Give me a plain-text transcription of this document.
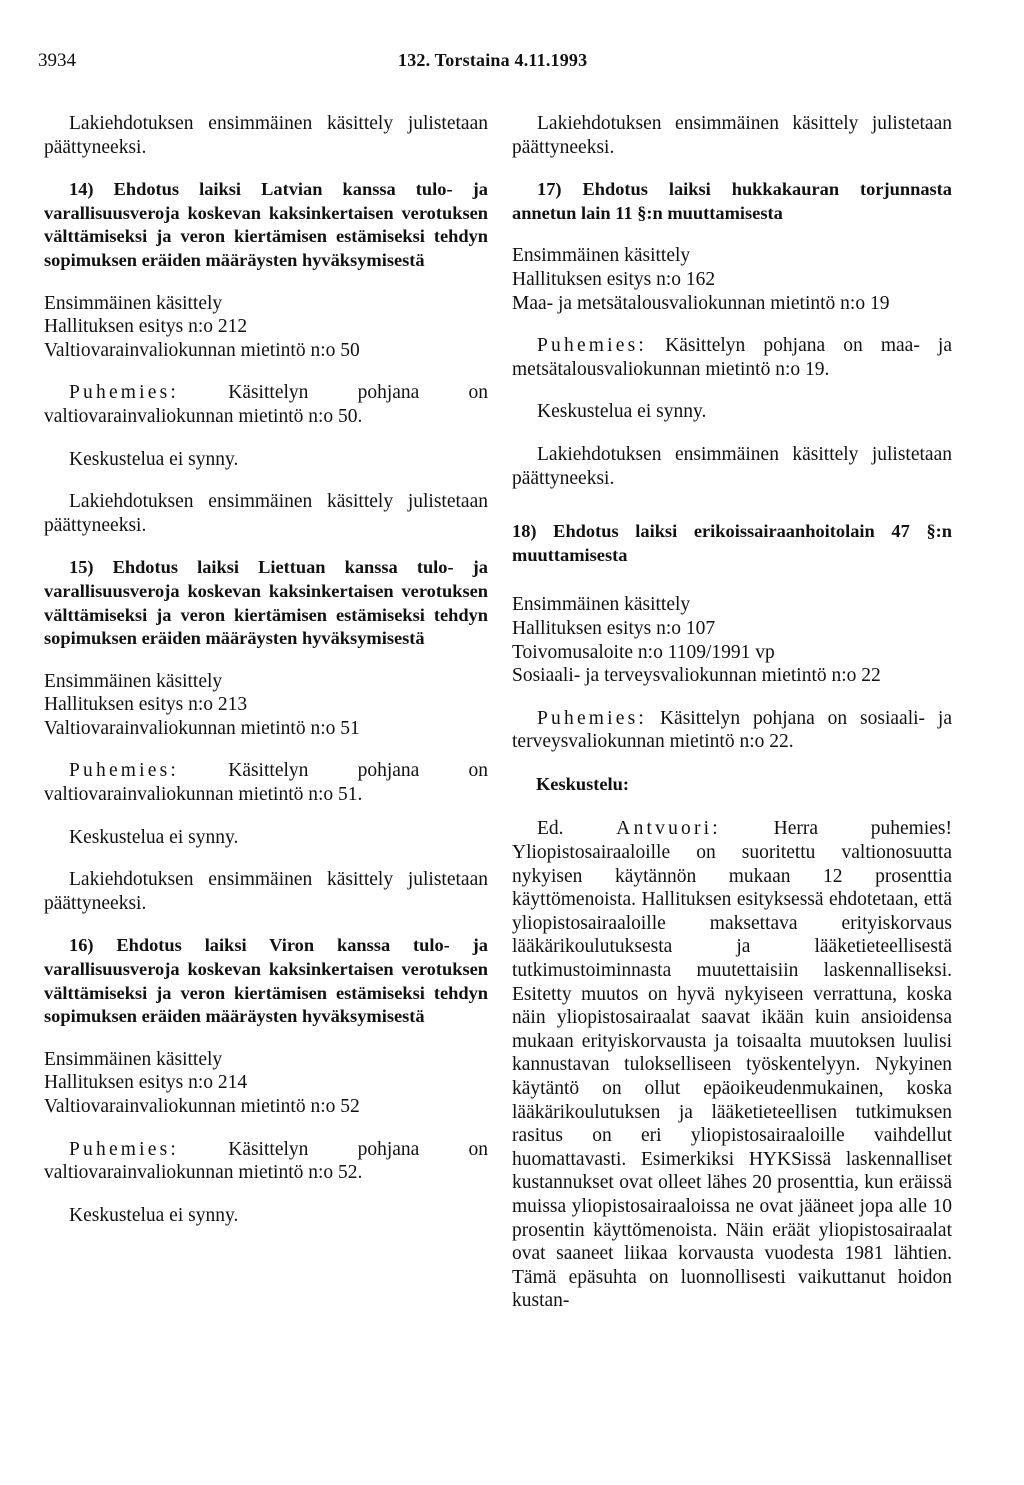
3934	132. Torstaina 4.11.1993

Lakiehdotuksen ensimmäinen käsittely julistetaan päättyneeksi.

14) Ehdotus laiksi Latvian kanssa tulo- ja varallisuusveroja koskevan kaksinkertaisen verotuksen välttämiseksi ja veron kiertämisen estämiseksi tehdyn sopimuksen eräiden määräysten hyväksymisestä

Ensimmäinen käsittely
Hallituksen esitys n:o 212
Valtiovarainvaliokunnan mietintö n:o 50

Puhemies:	Käsittelyn pohjana on valtiovarainvaliokunnan mietintö n:o 50.

Keskustelua ei synny.

Lakiehdotuksen ensimmäinen käsittely julistetaan päättyneeksi.

15) Ehdotus laiksi Liettuan kanssa tulo- ja varallisuusveroja koskevan kaksinkertaisen verotuksen välttämiseksi ja veron kiertämisen estämiseksi tehdyn sopimuksen eräiden määräysten hyväksymisestä

Ensimmäinen käsittely
Hallituksen esitys n:o 213
Valtiovarainvaliokunnan mietintö n:o 51

Puhemies:	Käsittelyn pohjana on valtiovarainvaliokunnan mietintö n:o 51.

Keskustelua ei synny.

Lakiehdotuksen ensimmäinen käsittely julistetaan päättyneeksi.

16) Ehdotus laiksi Viron kanssa tulo- ja varallisuusveroja koskevan kaksinkertaisen verotuksen välttämiseksi ja veron kiertämisen estämiseksi tehdyn sopimuksen eräiden määräysten hyväksymisestä

Ensimmäinen käsittely
Hallituksen esitys n:o 214
Valtiovarainvaliokunnan mietintö n:o 52

Puhemies:	Käsittelyn pohjana on valtiovarainvaliokunnan mietintö n:o 52.

Keskustelua ei synny.

Lakiehdotuksen ensimmäinen käsittely julistetaan päättyneeksi.

17) Ehdotus laiksi hukkakauran torjunnasta annetun lain 11 §:n muuttamisesta

Ensimmäinen käsittely
Hallituksen esitys n:o 162
Maa- ja metsätalousvaliokunnan mietintö n:o 19

Puhemies: Käsittelyn pohjana on maa- ja metsätalousvaliokunnan mietintö n:o 19.

Keskustelua ei synny.

Lakiehdotuksen ensimmäinen käsittely julistetaan päättyneeksi.

18) Ehdotus laiksi erikoissairaanhoitolain 47 §:n muuttamisesta

Ensimmäinen käsittely
Hallituksen esitys n:o 107
Toivomusaloite n:o 1109/1991 vp
Sosiaali- ja terveysvaliokunnan mietintö n:o 22

Puhemies: Käsittelyn pohjana on sosiaali- ja terveysvaliokunnan mietintö n:o 22.

Keskustelu:

Ed.	Antvuori:	Herra puhemies! Yliopistosairaaloille on suoritettu valtionosuutta nykyisen käytännön mukaan 12 prosenttia käyttömenoista. Hallituksen esityksessä ehdotetaan, että yliopistosairaaloille maksettava erityiskorvaus lääkärikoulutuksesta ja lääketieteellisestä tutkimustoiminnasta muutettaisiin laskennalliseksi. Esitetty muutos on hyvä nykyiseen verrattuna, koska näin yliopistosairaalat saavat ikään kuin ansioidensa mukaan erityiskorvausta ja toisaalta muutoksen luulisi kannustavan tulokselliseen työskentelyyn. Nykyinen käytäntö on ollut epäoikeudenmukainen, koska lääkärikoulutuksen ja lääketieteellisen tutkimuksen rasitus on eri yliopistosairaaloille vaihdellut huomattavasti. Esimerkiksi HYKSissä laskennalliset kustannukset ovat olleet lähes 20 prosenttia, kun eräissä muissa yliopistosairaaloissa ne ovat jääneet jopa alle 10 prosentin käyttömenoista. Näin eräät yliopistosairaalat ovat saaneet liikaa korvausta vuodesta 1981 lähtien. Tämä epäsuhta on luonnollisesti vaikuttanut hoidon kustan-
